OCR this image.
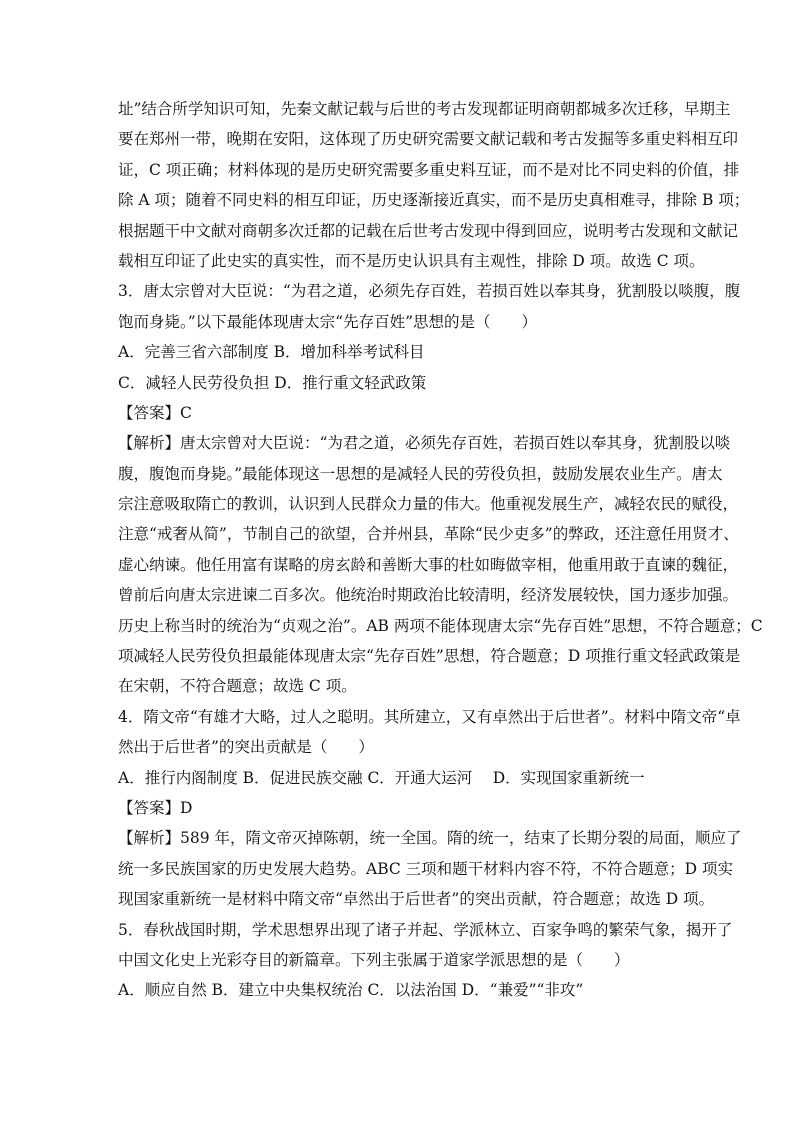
址”结合所学知识可知，先秦文献记载与后世的考古发现都证明商朝都城多次迁移，早期主
要在郑州一带，晚期在安阳，这体现了历史研究需要文献记载和考古发掘等多重史料相互印
证，C 项正确；材料体现的是历史研究需要多重史料互证，而不是对比不同史料的价值，排
除 A 项；随着不同史料的相互印证，历史逐渐接近真实，而不是历史真相难寻，排除 B 项；
根据题干中文献对商朝多次迁都的记载在后世考古发现中得到回应，说明考古发现和文献记
载相互印证了此史实的真实性，而不是历史认识具有主观性，排除 D 项。故选 C 项。
3．唐太宗曾对大臣说：“为君之道，必须先存百姓，若损百姓以奉其身，犹割股以啖腹，腹
饱而身毙。”以下最能体现唐太宗“先存百姓”思想的是（　　）
A．完善三省六部制度 B．增加科举考试科目
C．减轻人民劳役负担 D．推行重文轻武政策
【答案】C
【解析】唐太宗曾对大臣说：“为君之道，必须先存百姓，若损百姓以奉其身，犹割股以啖
腹，腹饱而身毙。”最能体现这一思想的是减轻人民的劳役负担，鼓励发展农业生产。唐太
宗注意吸取隋亡的教训，认识到人民群众力量的伟大。他重视发展生产，减轻农民的赋役，
注意“戒奢从简”，节制自己的欲望，合并州县，革除“民少吏多”的弊政，还注意任用贤才、
虚心纳谏。他任用富有谋略的房玄龄和善断大事的杜如晦做宰相，他重用敢于直谏的魏征，
曾前后向唐太宗进谏二百多次。他统治时期政治比较清明，经济发展较快，国力逐步加强。
历史上称当时的统治为“贞观之治”。AB 两项不能体现唐太宗“先存百姓”思想，不符合题意；C
项减轻人民劳役负担最能体现唐太宗“先存百姓”思想，符合题意；D 项推行重文轻武政策是
在宋朝，不符合题意；故选 C 项。
4．隋文帝“有雄才大略，过人之聪明。其所建立，又有卓然出于后世者”。材料中隋文帝“卓
然出于后世者”的突出贡献是（　　）
A．推行内阁制度 B．促进民族交融 C．开通大运河　 D．实现国家重新统一
【答案】D
【解析】589 年，隋文帝灭掉陈朝，统一全国。隋的统一，结束了长期分裂的局面，顺应了
统一多民族国家的历史发展大趋势。ABC 三项和题干材料内容不符，不符合题意；D 项实
现国家重新统一是材料中隋文帝“卓然出于后世者”的突出贡献，符合题意；故选 D 项。
5．春秋战国时期，学术思想界出现了诸子并起、学派林立、百家争鸣的繁荣气象，揭开了
中国文化史上光彩夺目的新篇章。下列主张属于道家学派思想的是（　　）
A．顺应自然 B．建立中央集权统治 C．以法治国 D．“兼爱”“非攻”
